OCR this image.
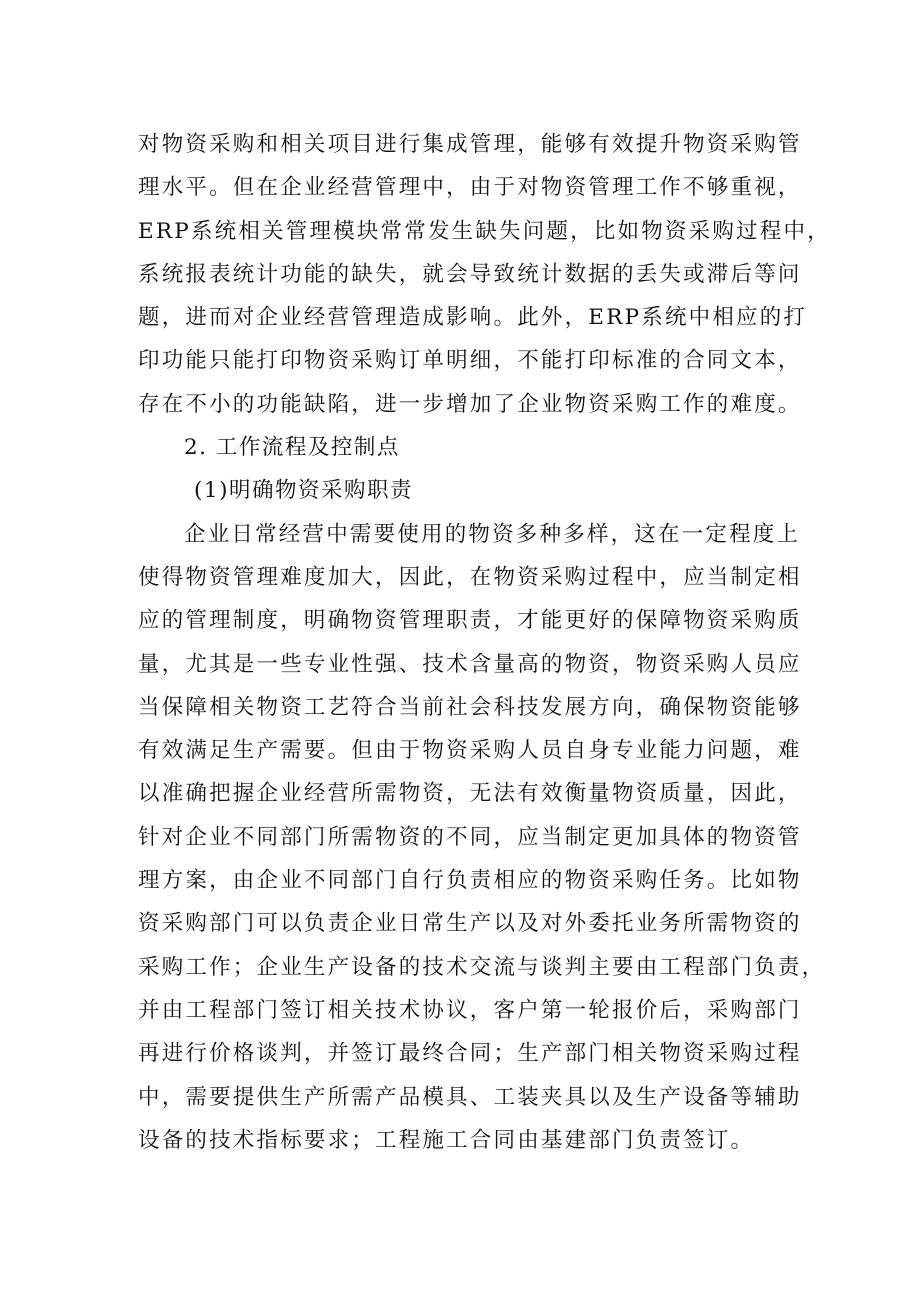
对物资采购和相关项目进行集成管理，能够有效提升物资采购管
理水平。但在企业经营管理中，由于对物资管理工作不够重视，
ERP系统相关管理模块常常发生缺失问题，比如物资采购过程中，
系统报表统计功能的缺失，就会导致统计数据的丢失或滞后等问
题，进而对企业经营管理造成影响。此外，ERP系统中相应的打
印功能只能打印物资采购订单明细，不能打印标准的合同文本，
存在不小的功能缺陷，进一步增加了企业物资采购工作的难度。
2. 工作流程及控制点
(1)明确物资采购职责
企业日常经营中需要使用的物资多种多样，这在一定程度上
使得物资管理难度加大，因此，在物资采购过程中，应当制定相
应的管理制度，明确物资管理职责，才能更好的保障物资采购质
量，尤其是一些专业性强、技术含量高的物资，物资采购人员应
当保障相关物资工艺符合当前社会科技发展方向，确保物资能够
有效满足生产需要。但由于物资采购人员自身专业能力问题，难
以准确把握企业经营所需物资，无法有效衡量物资质量，因此，
针对企业不同部门所需物资的不同，应当制定更加具体的物资管
理方案，由企业不同部门自行负责相应的物资采购任务。比如物
资采购部门可以负责企业日常生产以及对外委托业务所需物资的
采购工作；企业生产设备的技术交流与谈判主要由工程部门负责，
并由工程部门签订相关技术协议，客户第一轮报价后，采购部门
再进行价格谈判，并签订最终合同；生产部门相关物资采购过程
中，需要提供生产所需产品模具、工装夹具以及生产设备等辅助
设备的技术指标要求；工程施工合同由基建部门负责签订。
